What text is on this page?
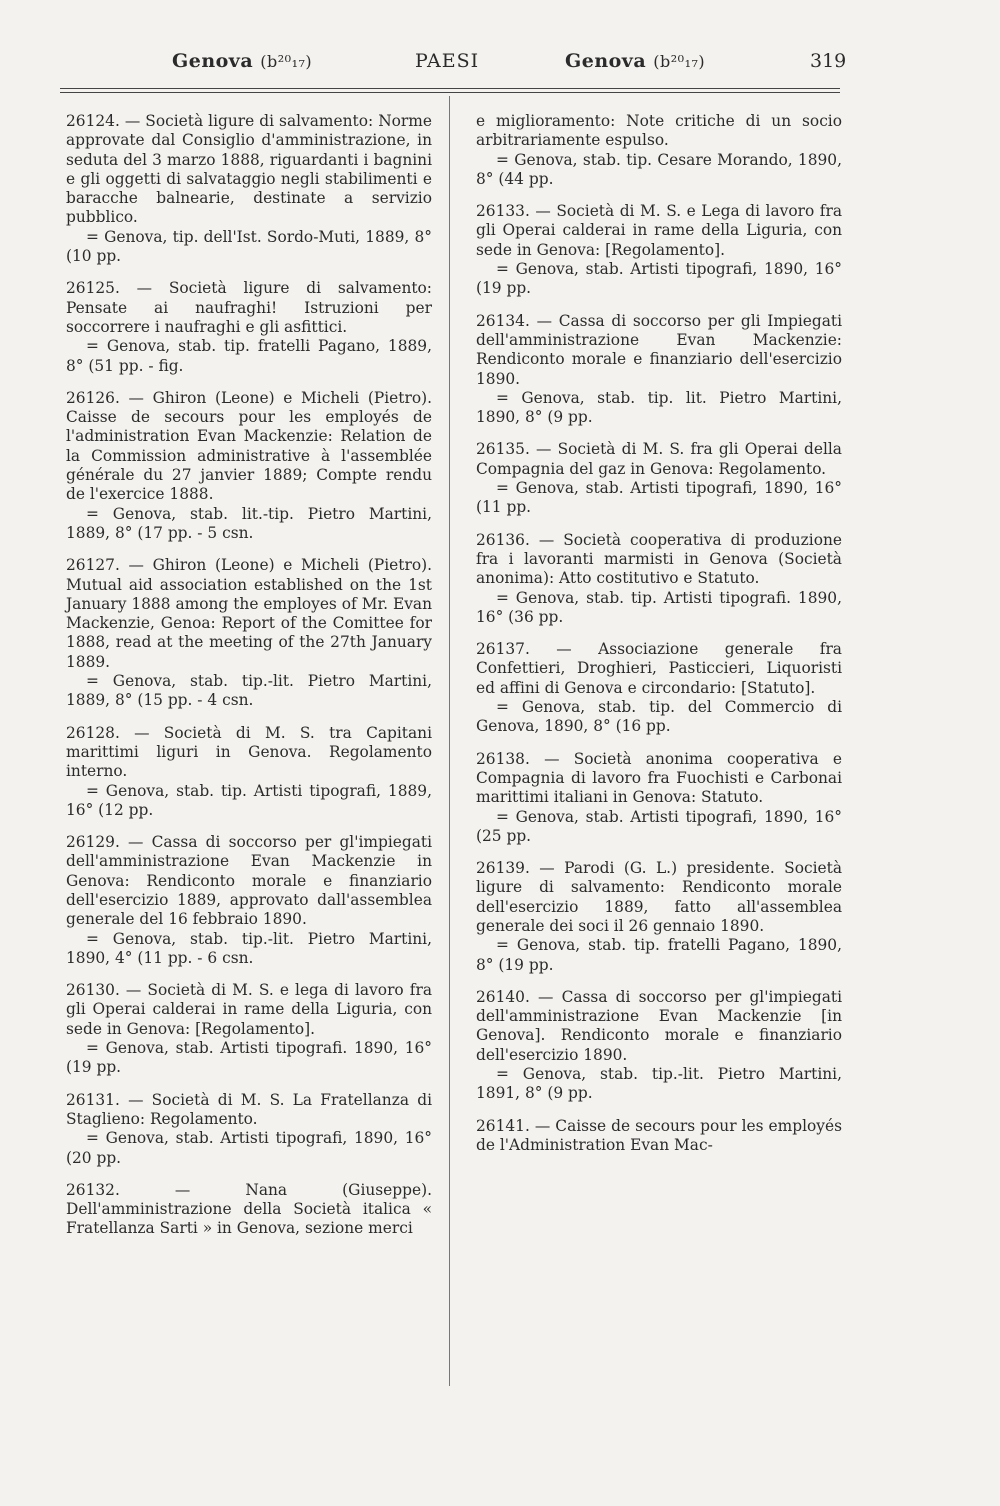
Genova (b²⁰₁₇)	PAESI	Genova (b²⁰₁₇)	319

26124. — Società ligure di salvamento: Norme approvate dal Consiglio d'amministrazione, in seduta del 3 marzo 1888, riguardanti i bagnini e gli oggetti di salvataggio negli stabilimenti e baracche balnearie, destinate a servizio pubblico.

= Genova, tip. dell'Ist. Sordo-Muti, 1889, 8° (10 pp.

26125. — Società ligure di salvamento: Pensate ai naufraghi! Istruzioni per soccorrere i naufraghi e gli asfittici.

= Genova, stab. tip. fratelli Pagano, 1889, 8° (51 pp. - fig.

26126. — Ghiron (Leone) e Micheli (Pietro). Caisse de secours pour les employés de l'administration Evan Mackenzie: Relation de la Commission administrative à l'assemblée générale du 27 janvier 1889; Compte rendu de l'exercice 1888.

= Genova, stab. lit.-tip. Pietro Martini, 1889, 8° (17 pp. - 5 csn.

26127. — Ghiron (Leone) e Micheli (Pietro). Mutual aid association established on the 1st January 1888 among the employes of Mr. Evan Mackenzie, Genoa: Report of the Comittee for 1888, read at the meeting of the 27th January 1889.

= Genova, stab. tip.-lit. Pietro Martini, 1889, 8° (15 pp. - 4 csn.

26128. — Società di M. S. tra Capitani marittimi liguri in Genova. Regolamento interno.

= Genova, stab. tip. Artisti tipografi, 1889, 16° (12 pp.

26129. — Cassa di soccorso per gl'impiegati dell'amministrazione Evan Mackenzie in Genova: Rendiconto morale e finanziario dell'esercizio 1889, approvato dall'assemblea generale del 16 febbraio 1890.

= Genova, stab. tip.-lit. Pietro Martini, 1890, 4° (11 pp. - 6 csn.

26130. — Società di M. S. e lega di lavoro fra gli Operai calderai in rame della Liguria, con sede in Genova: [Regolamento].

= Genova, stab. Artisti tipografi. 1890, 16° (19 pp.

26131. — Società di M. S. La Fratellanza di Staglieno: Regolamento.

= Genova, stab. Artisti tipografi, 1890, 16° (20 pp.

26132. — Nana (Giuseppe). Dell'amministrazione della Società italica « Fratellanza Sarti » in Genova, sezione merci

e miglioramento: Note critiche di un socio arbitrariamente espulso.

= Genova, stab. tip. Cesare Morando, 1890, 8° (44 pp.

26133. — Società di M. S. e Lega di lavoro fra gli Operai calderai in rame della Liguria, con sede in Genova: [Regolamento].

= Genova, stab. Artisti tipografi, 1890, 16° (19 pp.

26134. — Cassa di soccorso per gli Impiegati dell'amministrazione Evan Mackenzie: Rendiconto morale e finanziario dell'esercizio 1890.

= Genova, stab. tip. lit. Pietro Martini, 1890, 8° (9 pp.

26135. — Società di M. S. fra gli Operai della Compagnia del gaz in Genova: Regolamento.

= Genova, stab. Artisti tipografi, 1890, 16° (11 pp.

26136. — Società cooperativa di produzione fra i lavoranti marmisti in Genova (Società anonima): Atto costitutivo e Statuto.

= Genova, stab. tip. Artisti tipografi. 1890, 16° (36 pp.

26137. — Associazione generale fra Confettieri, Droghieri, Pasticcieri, Liquoristi ed affini di Genova e circondario: [Statuto].

= Genova, stab. tip. del Commercio di Genova, 1890, 8° (16 pp.

26138. — Società anonima cooperativa e Compagnia di lavoro fra Fuochisti e Carbonai marittimi italiani in Genova: Statuto.

= Genova, stab. Artisti tipografi, 1890, 16° (25 pp.

26139. — Parodi (G. L.) presidente. Società ligure di salvamento: Rendiconto morale dell'esercizio 1889, fatto all'assemblea generale dei soci il 26 gennaio 1890.

= Genova, stab. tip. fratelli Pagano, 1890, 8° (19 pp.

26140. — Cassa di soccorso per gl'impiegati dell'amministrazione Evan Mackenzie [in Genova]. Rendiconto morale e finanziario dell'esercizio 1890.

= Genova, stab. tip.-lit. Pietro Martini, 1891, 8° (9 pp.

26141. — Caisse de secours pour les employés de l'Administration Evan Mac-
